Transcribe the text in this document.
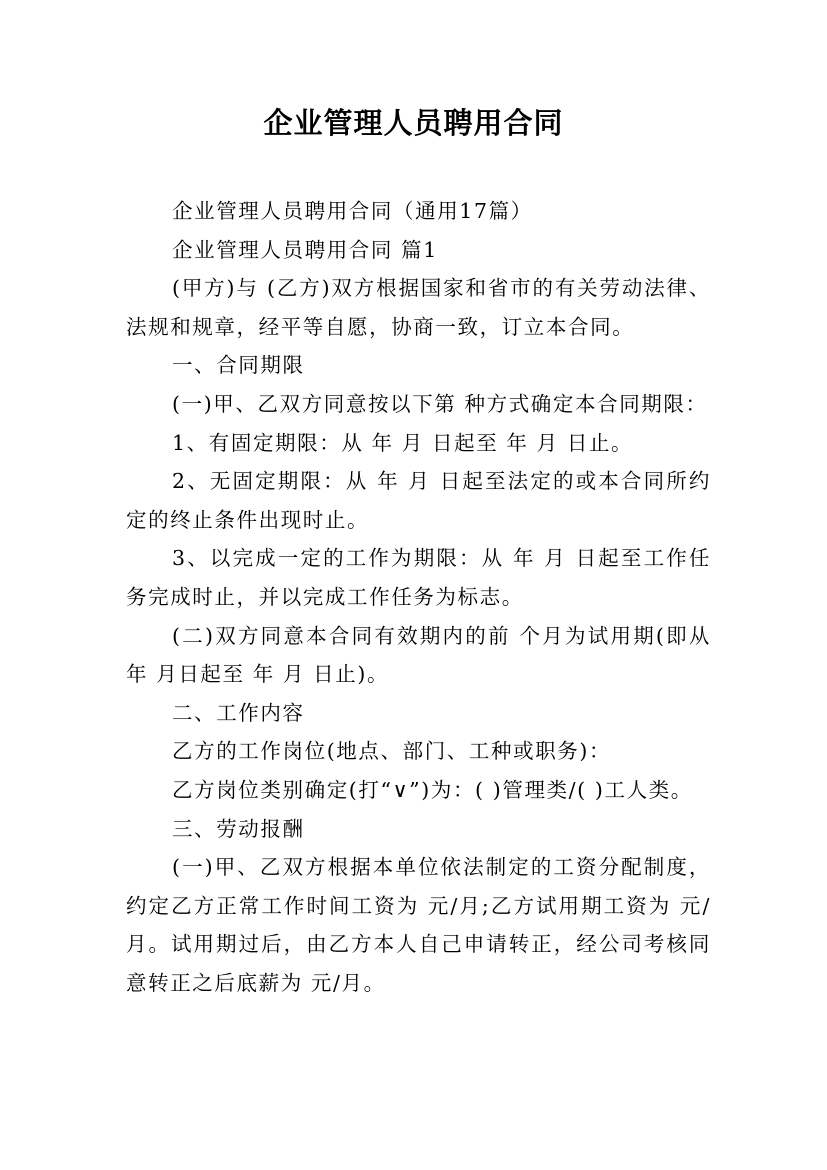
企业管理人员聘用合同

企业管理人员聘用合同（通用17篇）

企业管理人员聘用合同 篇1

(甲方)与 (乙方)双方根据国家和省市的有关劳动法律、法规和规章，经平等自愿，协商一致，订立本合同。

一、合同期限

(一)甲、乙双方同意按以下第 种方式确定本合同期限：

1、有固定期限：从 年 月 日起至 年 月 日止。

2、无固定期限：从 年 月 日起至法定的或本合同所约定的终止条件出现时止。

3、以完成一定的工作为期限：从 年 月 日起至工作任务完成时止，并以完成工作任务为标志。

(二)双方同意本合同有效期内的前 个月为试用期(即从 年 月日起至 年 月 日止)。

二、工作内容

乙方的工作岗位(地点、部门、工种或职务)：

乙方岗位类别确定(打“∨”)为：( )管理类/( )工人类。

三、劳动报酬

(一)甲、乙双方根据本单位依法制定的工资分配制度，约定乙方正常工作时间工资为 元/月;乙方试用期工资为 元/月。试用期过后，由乙方本人自己申请转正，经公司考核同意转正之后底薪为 元/月。
